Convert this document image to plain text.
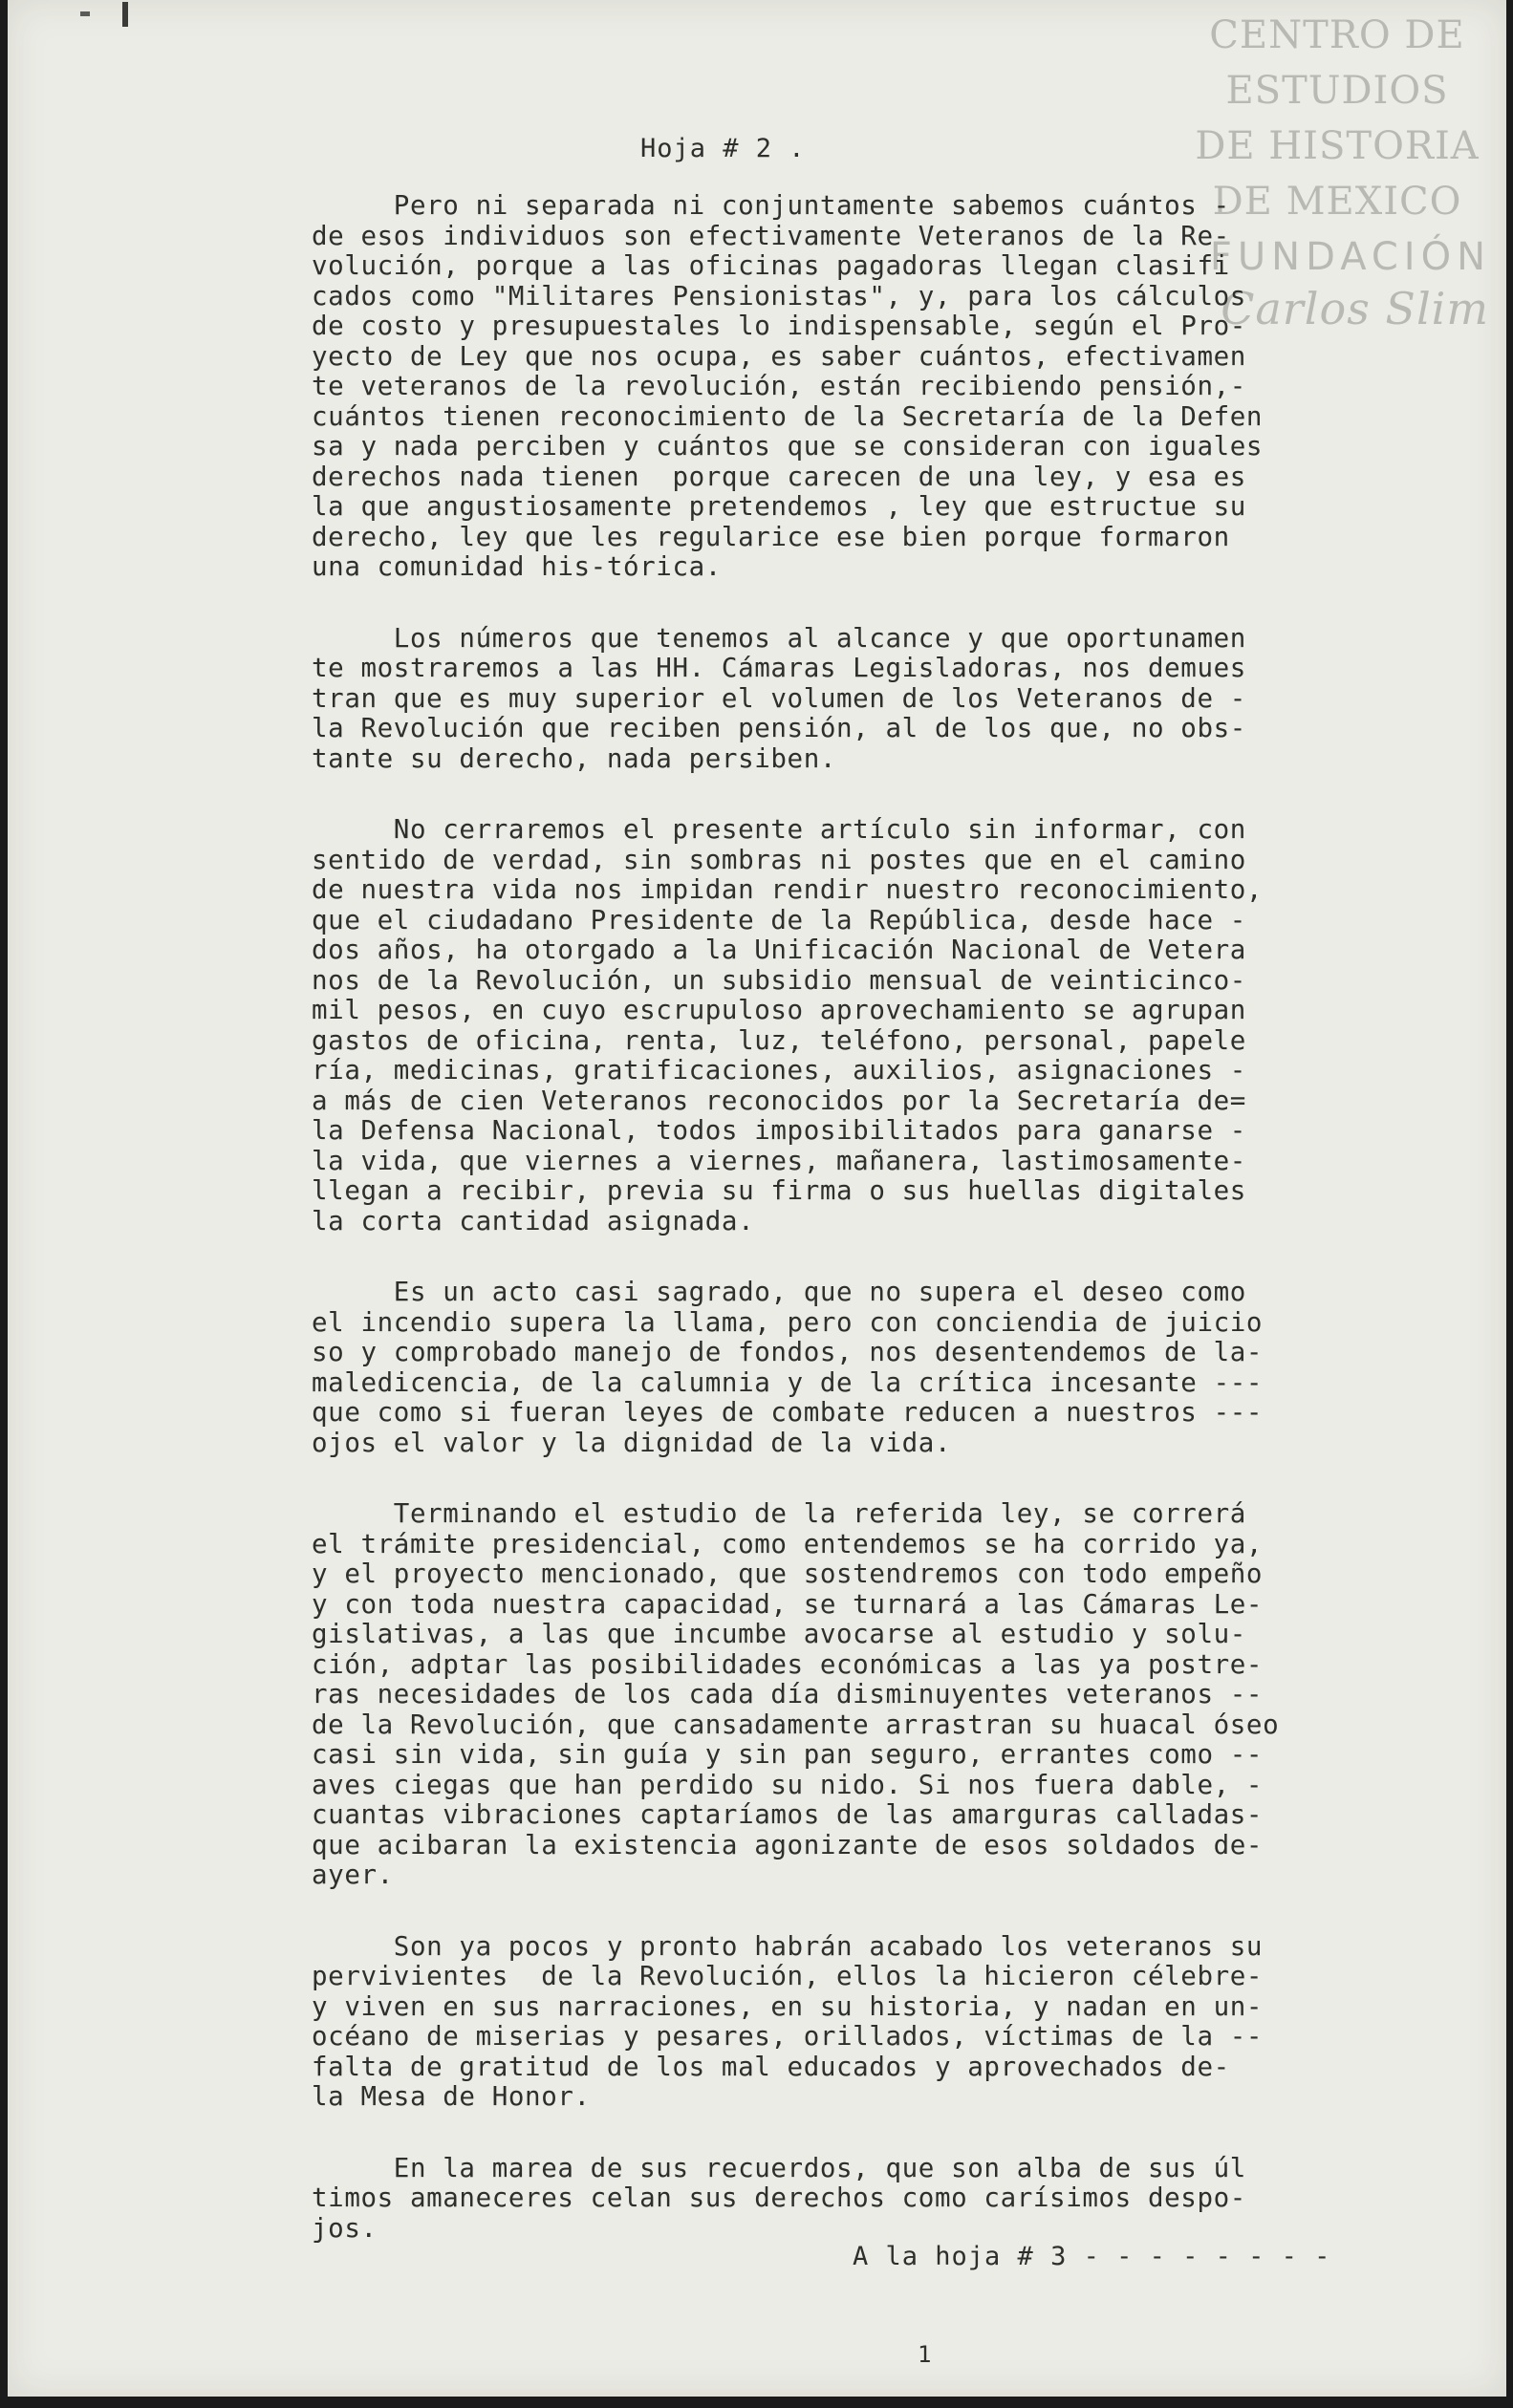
CENTRO DE
ESTUDIOS
DE HISTORIA
DE MEXICO
FUNDACIÓN
Carlos Slim
Hoja # 2 .
Pero ni separada ni conjuntamente sabemos cuántos -
de esos individuos son efectivamente Veteranos de la Re-
volución, porque a las oficinas pagadoras llegan clasifi
cados como "Militares Pensionistas", y, para los cálculos
de costo y presupuestales lo indispensable, según el Pro-
yecto de Ley que nos ocupa, es saber cuántos, efectivamen
te veteranos de la revolución, están recibiendo pensión,-
cuántos tienen reconocimiento de la Secretaría de la Defen
sa y nada perciben y cuántos que se consideran con iguales
derechos nada tienen  porque carecen de una ley, y esa es
la que angustiosamente pretendemos , ley que estructue su
derecho, ley que les regularice ese bien porque formaron
una comunidad his-tórica.
Los números que tenemos al alcance y que oportunamen
te mostraremos a las HH. Cámaras Legisladoras, nos demues
tran que es muy superior el volumen de los Veteranos de -
la Revolución que reciben pensión, al de los que, no obs-
tante su derecho, nada persiben.
No cerraremos el presente artículo sin informar, con
sentido de verdad, sin sombras ni postes que en el camino
de nuestra vida nos impidan rendir nuestro reconocimiento,
que el ciudadano Presidente de la República, desde hace -
dos años, ha otorgado a la Unificación Nacional de Vetera
nos de la Revolución, un subsidio mensual de veinticinco-
mil pesos, en cuyo escrupuloso aprovechamiento se agrupan
gastos de oficina, renta, luz, teléfono, personal, papele
ría, medicinas, gratificaciones, auxilios, asignaciones -
a más de cien Veteranos reconocidos por la Secretaría de=
la Defensa Nacional, todos imposibilitados para ganarse -
la vida, que viernes a viernes, mañanera, lastimosamente-
llegan a recibir, previa su firma o sus huellas digitales
la corta cantidad asignada.
Es un acto casi sagrado, que no supera el deseo como
el incendio supera la llama, pero con conciendia de juicio
so y comprobado manejo de fondos, nos desentendemos de la-
maledicencia, de la calumnia y de la crítica incesante ---
que como si fueran leyes de combate reducen a nuestros ---
ojos el valor y la dignidad de la vida.
Terminando el estudio de la referida ley, se correrá
el trámite presidencial, como entendemos se ha corrido ya,
y el proyecto mencionado, que sostendremos con todo empeño
y con toda nuestra capacidad, se turnará a las Cámaras Le-
gislativas, a las que incumbe avocarse al estudio y solu-
ción, adptar las posibilidades económicas a las ya postre-
ras necesidades de los cada día disminuyentes veteranos --
de la Revolución, que cansadamente arrastran su huacal óseo
casi sin vida, sin guía y sin pan seguro, errantes como --
aves ciegas que han perdido su nido. Si nos fuera dable, -
cuantas vibraciones captaríamos de las amarguras calladas-
que acibaran la existencia agonizante de esos soldados de-
ayer.
Son ya pocos y pronto habrán acabado los veteranos su
pervivientes  de la Revolución, ellos la hicieron célebre-
y viven en sus narraciones, en su historia, y nadan en un-
océano de miserias y pesares, orillados, víctimas de la --
falta de gratitud de los mal educados y aprovechados de-
la Mesa de Honor.
En la marea de sus recuerdos, que son alba de sus úl
timos amaneceres celan sus derechos como carísimos despo-
jos.
A la hoja # 3 - - - - - - - -
1
